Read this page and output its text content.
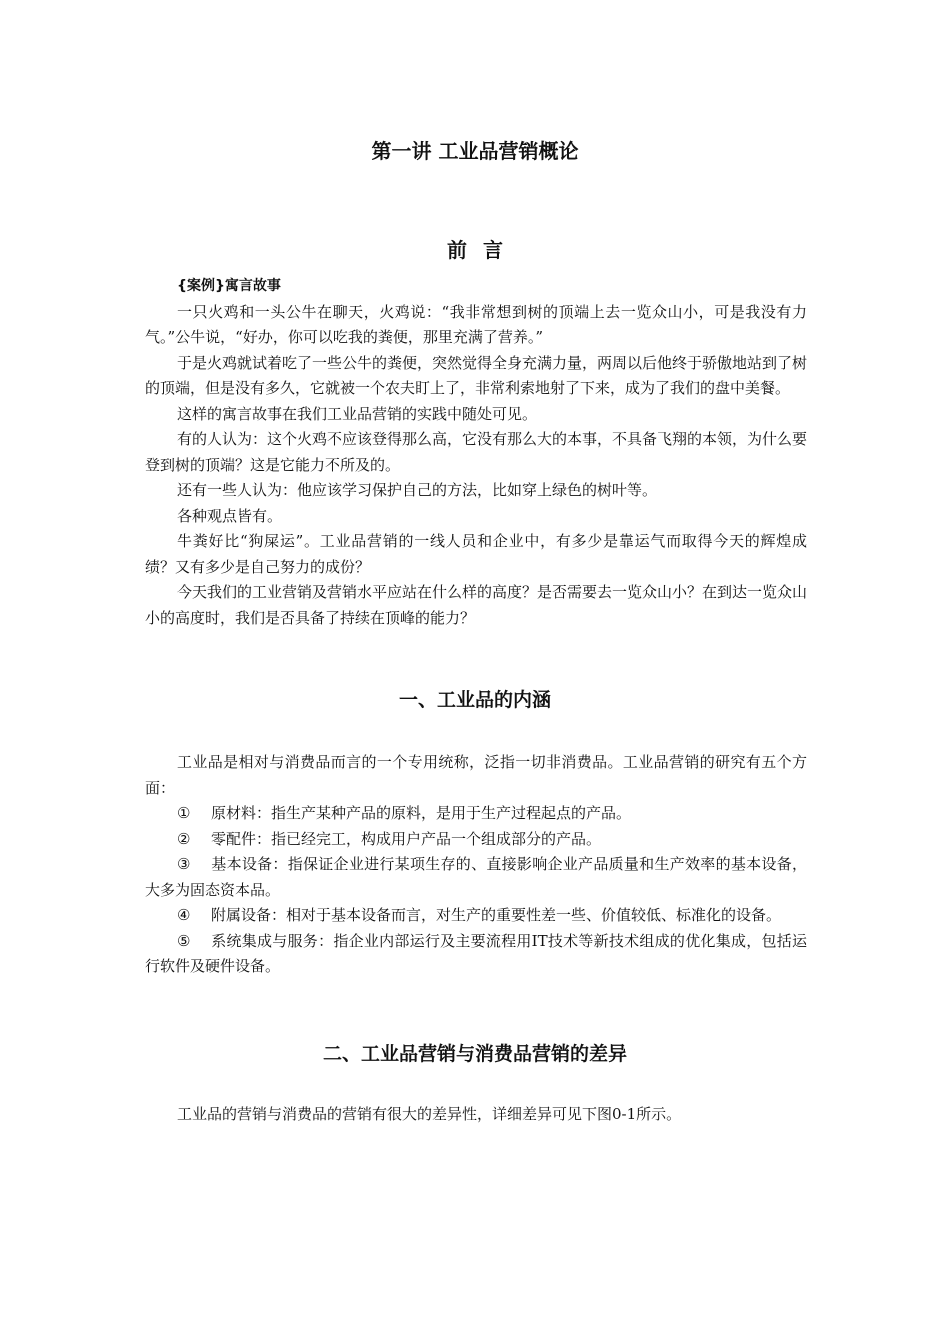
第一讲 工业品营销概论
前言

{案例}寓言故事

一只火鸡和一头公牛在聊天，火鸡说：“我非常想到树的顶端上去一览众山小，可是我没有力气。”公牛说，“好办，你可以吃我的粪便，那里充满了营养。”

于是火鸡就试着吃了一些公牛的粪便，突然觉得全身充满力量，两周以后他终于骄傲地站到了树的顶端，但是没有多久，它就被一个农夫盯上了，非常利索地射了下来，成为了我们的盘中美餐。

这样的寓言故事在我们工业品营销的实践中随处可见。

有的人认为：这个火鸡不应该登得那么高，它没有那么大的本事，不具备飞翔的本领，为什么要登到树的顶端？这是它能力不所及的。

还有一些人认为：他应该学习保护自己的方法，比如穿上绿色的树叶等。

各种观点皆有。

牛粪好比“狗屎运”。工业品营销的一线人员和企业中，有多少是靠运气而取得今天的辉煌成绩？又有多少是自己努力的成份？

今天我们的工业营销及营销水平应站在什么样的高度？是否需要去一览众山小？在到达一览众山小的高度时，我们是否具备了持续在顶峰的能力？

一、工业品的内涵

工业品是相对与消费品而言的一个专用统称，泛指一切非消费品。工业品营销的研究有五个方面：

① 原材料：指生产某种产品的原料，是用于生产过程起点的产品。

② 零配件：指已经完工，构成用户产品一个组成部分的产品。

③ 基本设备：指保证企业进行某项生存的、直接影响企业产品质量和生产效率的基本设备，大多为固态资本品。

④ 附属设备：相对于基本设备而言，对生产的重要性差一些、价值较低、标准化的设备。

⑤ 系统集成与服务：指企业内部运行及主要流程用IT技术等新技术组成的优化集成，包括运行软件及硬件设备。

二、工业品营销与消费品营销的差异

工业品的营销与消费品的营销有很大的差异性，详细差异可见下图0-1所示。
